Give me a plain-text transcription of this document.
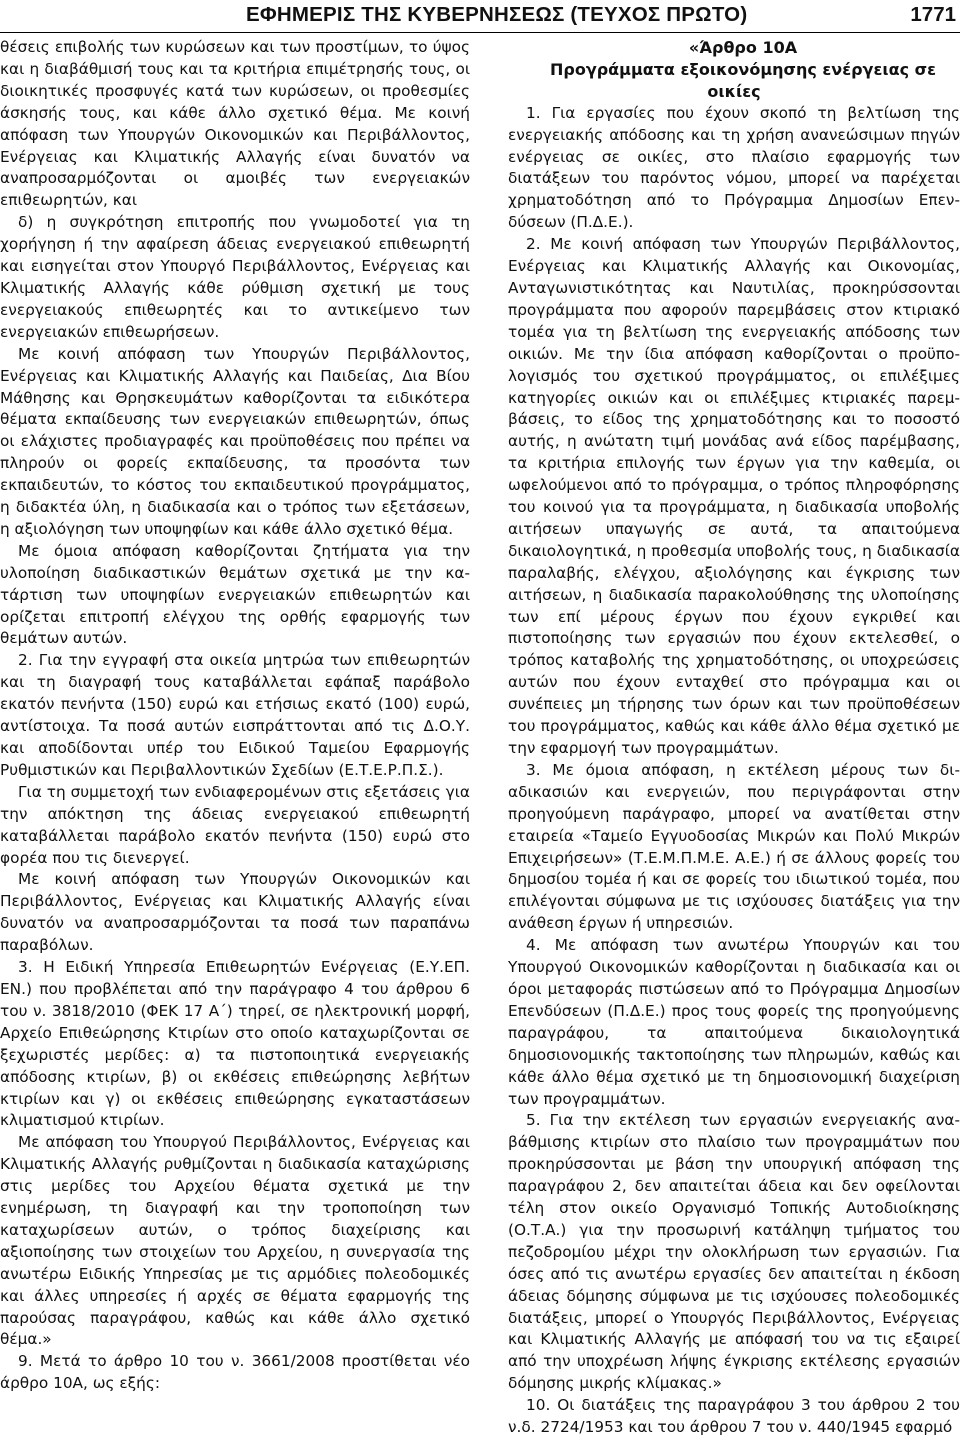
ΕΦΗΜΕΡΙΣ ΤΗΣ ΚΥΒΕΡΝΗΣΕΩΣ (ΤΕΥΧΟΣ ΠΡΩΤΟ)	1771

θέσεις επιβολής των κυρώσεων και των προστίμων, το ύψος και η διαβάθμισή τους και τα κριτήρια επιμέτρησής τους, οι διοικητικές προσφυγές κατά των κυρώσεων, οι προθεσμίες άσκησής τους, και κάθε άλλο σχετικό θέμα. Με κοινή απόφαση των Υπουργών Οικονομικών και Περιβάλλοντος, Ενέργειας και Κλιματικής Αλλαγής είναι δυνατόν να αναπροσαρμόζονται οι αμοιβές των ενεργειακών επιθεωρητών, και

δ) η συγκρότηση επιτροπής που γνωμοδοτεί για τη χορήγηση ή την αφαίρεση άδειας ενεργειακού επιθεωρητή και εισηγείται στον Υπουργό Περιβάλλοντος, Ενέργειας και Κλιματικής Αλλαγής κάθε ρύθμιση σχετική με τους ενεργειακούς επιθεωρητές και το αντικείμενο των ενεργειακών επιθεωρήσεων.

Με κοινή απόφαση των Υπουργών Περιβάλλοντος, Ενέργειας και Κλιματικής Αλλαγής και Παιδείας, Δια Βίου Μάθησης και Θρησκευμάτων καθορίζονται τα ειδικότερα θέματα εκπαίδευσης των ενεργειακών επιθεωρητών, όπως οι ελάχιστες προδιαγραφές και προϋποθέσεις που πρέπει να πληρούν οι φορείς εκπαίδευσης, τα προσόντα των εκπαιδευτών, το κόστος του εκπαιδευτικού προγράμματος, η διδακτέα ύλη, η διαδικασία και ο τρόπος των εξετάσεων, η αξιολόγηση των υποψηφίων και κάθε άλλο σχετικό θέμα.

Με όμοια απόφαση καθορίζονται ζητήματα για την υλοποίηση διαδικαστικών θεμάτων σχετικά με την κατάρτιση των υποψηφίων ενεργειακών επιθεωρητών και ορίζεται επιτροπή ελέγχου της ορθής εφαρμογής των θεμάτων αυτών.

2. Για την εγγραφή στα οικεία μητρώα των επιθεωρητών και τη διαγραφή τους καταβάλλεται εφάπαξ παράβολο εκατόν πενήντα (150) ευρώ και ετήσιως εκατό (100) ευρώ, αντίστοιχα. Τα ποσά αυτών εισπράττονται από τις Δ.Ο.Υ. και αποδίδονται υπέρ του Ειδικού Ταμείου Εφαρμογής Ρυθμιστικών και Περιβαλλοντικών Σχεδίων (Ε.Τ.Ε.Ρ.Π.Σ.).

Για τη συμμετοχή των ενδιαφερομένων στις εξετάσεις για την απόκτηση της άδειας ενεργειακού επιθεωρητή καταβάλλεται παράβολο εκατόν πενήντα (150) ευρώ στο φορέα που τις διενεργεί.

Με κοινή απόφαση των Υπουργών Οικονομικών και Περιβάλλοντος, Ενέργειας και Κλιματικής Αλλαγής είναι δυνατόν να αναπροσαρμόζονται τα ποσά των παραπάνω παραβόλων.

3. Η Ειδική Υπηρεσία Επιθεωρητών Ενέργειας (Ε.Υ.ΕΠ. ΕΝ.) που προβλέπεται από την παράγραφο 4 του άρθρου 6 του ν. 3818/2010 (ΦΕΚ 17 Α΄) τηρεί, σε ηλεκτρονική μορφή, Αρχείο Επιθεώρησης Κτιρίων στο οποίο καταχωρίζονται σε ξεχωριστές μερίδες: α) τα πιστοποιητικά ενεργειακής απόδοσης κτιρίων, β) οι εκθέσεις επιθεώρησης λεβήτων κτιρίων και γ) οι εκθέσεις επιθεώρησης εγκαταστάσεων κλιματισμού κτιρίων.

Με απόφαση του Υπουργού Περιβάλλοντος, Ενέργειας και Κλιματικής Αλλαγής ρυθμίζονται η διαδικασία καταχώρισης στις μερίδες του Αρχείου θέματα σχετικά με την ενημέρωση, τη διαγραφή και την τροποποίηση των καταχωρίσεων αυτών, ο τρόπος διαχείρισης και αξιοποίησης των στοιχείων του Αρχείου, η συνεργασία της ανωτέρω Ειδικής Υπηρεσίας με τις αρμόδιες πολεοδομικές και άλλες υπηρεσίες ή αρχές σε θέματα εφαρμογής της παρούσας παραγράφου, καθώς και κάθε άλλο σχετικό θέμα.»

9. Μετά το άρθρο 10 του ν. 3661/2008 προστίθεται νέο άρθρο 10Α, ως εξής:

«Άρθρο 10Α

Προγράμματα εξοικονόμησης ενέργειας σε οικίες

1. Για εργασίες που έχουν σκοπό τη βελτίωση της ενεργειακής απόδοσης και τη χρήση ανανεώσιμων πηγών ενέργειας σε οικίες, στο πλαίσιο εφαρμογής των διατάξεων του παρόντος νόμου, μπορεί να παρέχεται χρηματοδότηση από το Πρόγραμμα Δημοσίων Επενδύσεων (Π.Δ.Ε.).

2. Με κοινή απόφαση των Υπουργών Περιβάλλοντος, Ενέργειας και Κλιματικής Αλλαγής και Οικονομίας, Ανταγωνιστικότητας και Ναυτιλίας, προκηρύσσονται προγράμματα που αφορούν παρεμβάσεις στον κτιριακό τομέα για τη βελτίωση της ενεργειακής απόδοσης των οικιών. Με την ίδια απόφαση καθορίζονται ο προϋπολογισμός του σχετικού προγράμματος, οι επιλέξιμες κατηγορίες οικιών και οι επιλέξιμες κτιριακές παρεμβάσεις, το είδος της χρηματοδότησης και το ποσοστό αυτής, η ανώτατη τιμή μονάδας ανά είδος παρέμβασης, τα κριτήρια επιλογής των έργων για την καθεμία, οι ωφελούμενοι από το πρόγραμμα, ο τρόπος πληροφόρησης του κοινού για τα προγράμματα, η διαδικασία υποβολής αιτήσεων υπαγωγής σε αυτά, τα απαιτούμενα δικαιολογητικά, η προθεσμία υποβολής τους, η διαδικασία παραλαβής, ελέγχου, αξιολόγησης και έγκρισης των αιτήσεων, η διαδικασία παρακολούθησης της υλοποίησης των επί μέρους έργων που έχουν εγκριθεί και πιστοποίησης των εργασιών που έχουν εκτελεσθεί, ο τρόπος καταβολής της χρηματοδότησης, οι υποχρεώσεις αυτών που έχουν ενταχθεί στο πρόγραμμα και οι συνέπειες μη τήρησης των όρων και των προϋποθέσεων του προγράμματος, καθώς και κάθε άλλο θέμα σχετικό με την εφαρμογή των προγραμμάτων.

3. Με όμοια απόφαση, η εκτέλεση μέρους των διαδικασιών και ενεργειών, που περιγράφονται στην προηγούμενη παράγραφο, μπορεί να ανατίθεται στην εταιρεία «Ταμείο Εγγυοδοσίας Μικρών και Πολύ Μικρών Επιχειρήσεων» (Τ.Ε.Μ.Π.Μ.Ε. Α.Ε.) ή σε άλλους φορείς του δημοσίου τομέα ή και σε φορείς του ιδιωτικού τομέα, που επιλέγονται σύμφωνα με τις ισχύουσες διατάξεις για την ανάθεση έργων ή υπηρεσιών.

4. Με απόφαση των ανωτέρω Υπουργών και του Υπουργού Οικονομικών καθορίζονται η διαδικασία και οι όροι μεταφοράς πιστώσεων από το Πρόγραμμα Δημοσίων Επενδύσεων (Π.Δ.Ε.) προς τους φορείς της προηγούμενης παραγράφου, τα απαιτούμενα δικαιολογητικά δημοσιονομικής τακτοποίησης των πληρωμών, καθώς και κάθε άλλο θέμα σχετικό με τη δημοσιονομική διαχείριση των προγραμμάτων.

5. Για την εκτέλεση των εργασιών ενεργειακής αναβάθμισης κτιρίων στο πλαίσιο των προγραμμάτων που προκηρύσσονται με βάση την υπουργική απόφαση της παραγράφου 2, δεν απαιτείται άδεια και δεν οφείλονται τέλη στον οικείο Οργανισμό Τοπικής Αυτοδιοίκησης (Ο.Τ.Α.) για την προσωρινή κατάληψη τμήματος του πεζοδρομίου μέχρι την ολοκλήρωση των εργασιών. Για όσες από τις ανωτέρω εργασίες δεν απαιτείται η έκδοση άδειας δόμησης σύμφωνα με τις ισχύουσες πολεοδομικές διατάξεις, μπορεί ο Υπουργός Περιβάλλοντος, Ενέργειας και Κλιματικής Αλλαγής με απόφασή του να τις εξαιρεί από την υποχρέωση λήψης έγκρισης εκτέλεσης εργασιών δόμησης μικρής κλίμακας.»

10. Οι διατάξεις της παραγράφου 3 του άρθρου 2 του ν.δ. 2724/1953 και του άρθρου 7 του ν. 440/1945 εφαρμό
